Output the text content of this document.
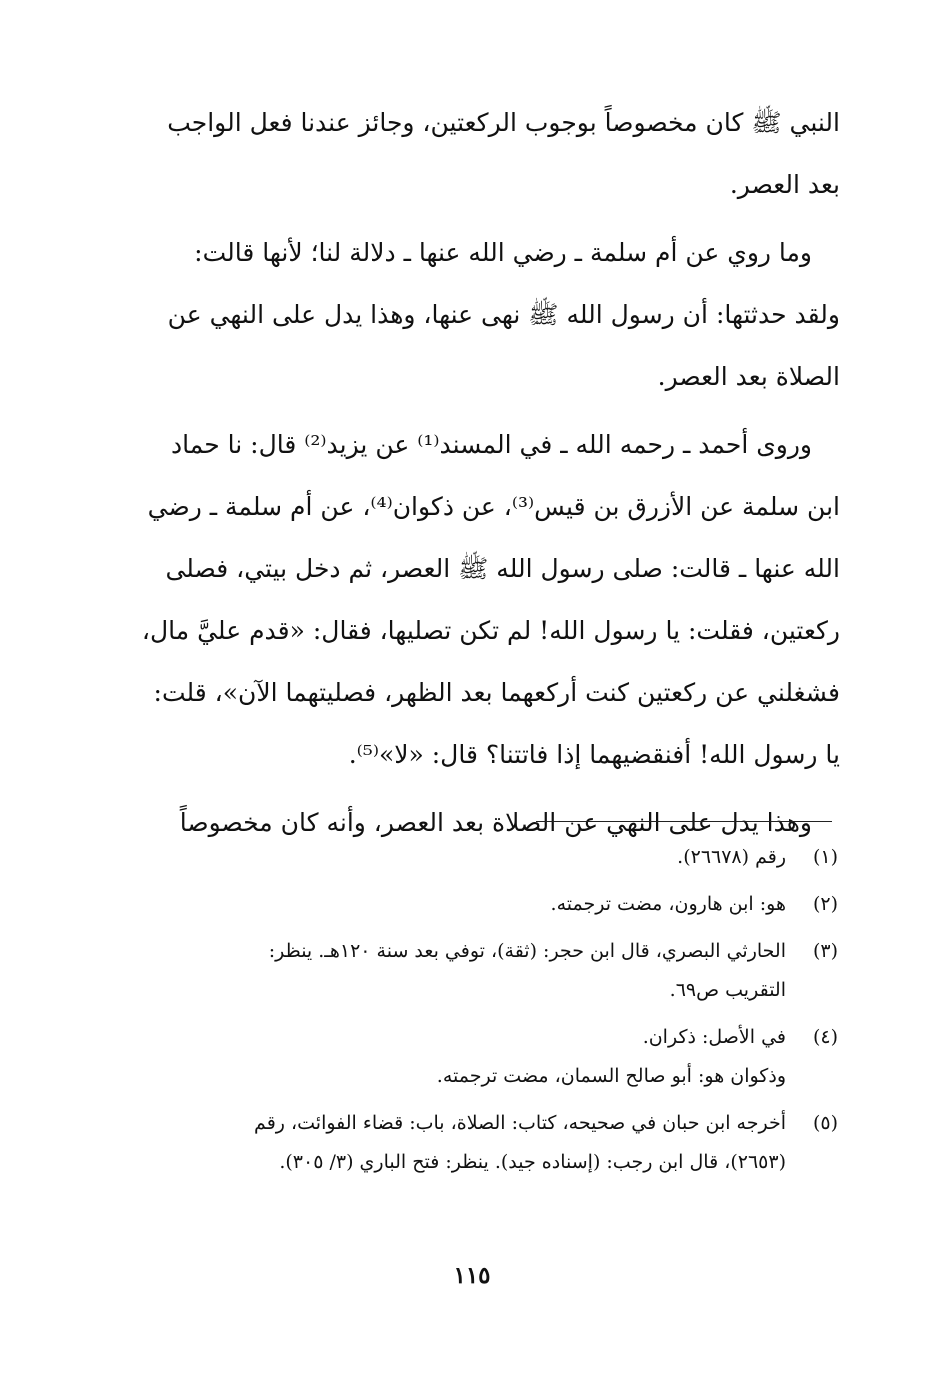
النبي ﷺ كان مخصوصاً بوجوب الركعتين، وجائز عندنا فعل الواجب

بعد العصر.

وما روي عن أم سلمة ـ رضي الله عنها ـ دلالة لنا؛ لأنها قالت:

ولقد حدثتها: أن رسول الله ﷺ نهى عنها، وهذا يدل على النهي عن

الصلاة بعد العصر.

وروى أحمد ـ رحمه الله ـ في المسند⁽¹⁾ عن يزيد⁽²⁾ قال: نا حماد

ابن سلمة عن الأزرق بن قيس⁽³⁾، عن ذكوان⁽⁴⁾، عن أم سلمة ـ رضي

الله عنها ـ قالت: صلى رسول الله ﷺ العصر، ثم دخل بيتي، فصلى

ركعتين، فقلت: يا رسول الله! لم تكن تصليها، فقال: «قدم عليَّ مال،

فشغلني عن ركعتين كنت أركعهما بعد الظهر، فصليتهما الآن»، قلت:

يا رسول الله! أفنقضيهما إذا فاتتنا؟ قال: «لا»⁽⁵⁾.

وهذا يدل على النهي عن الصلاة بعد العصر، وأنه كان مخصوصاً

(١)
رقم (٢٦٦٧٨).
(٢)
هو: ابن هارون، مضت ترجمته.
(٣)
الحارثي البصري، قال ابن حجر: (ثقة)، توفي بعد سنة ١٢٠هـ. ينظر:
التقريب ص٦٩.
(٤)
في الأصل: ذكران.
وذكوان هو: أبو صالح السمان، مضت ترجمته.
(٥)
أخرجه ابن حبان في صحيحه، كتاب: الصلاة، باب: قضاء الفوائت، رقم
(٢٦٥٣)، قال ابن رجب: (إسناده جيد). ينظر: فتح الباري (٣/ ٣٠٥).
١١٥
